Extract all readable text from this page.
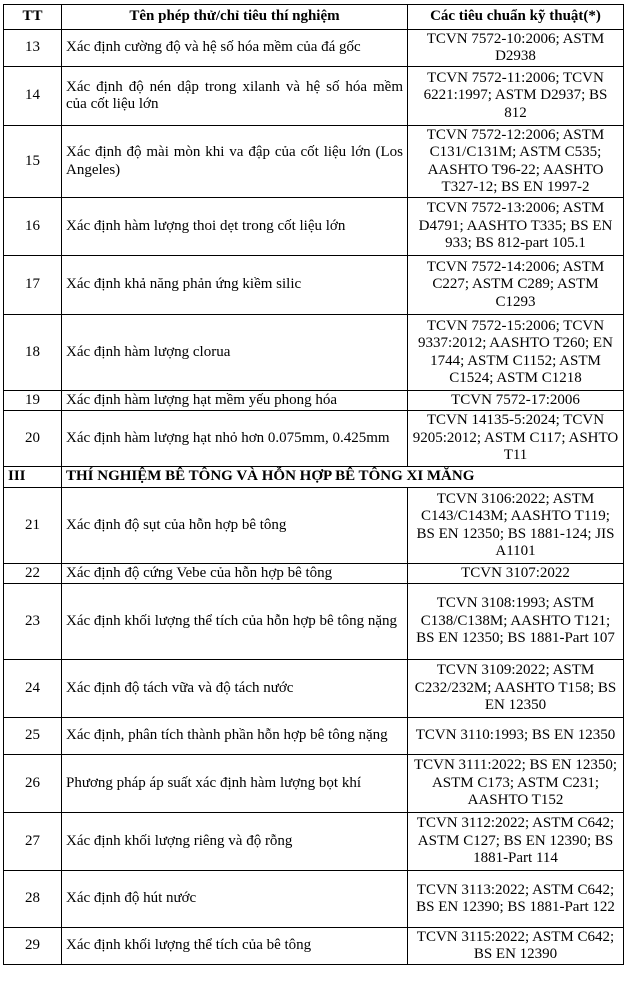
TT	Tên phép thử/chỉ tiêu thí nghiệm	Các tiêu chuẩn kỹ thuật(*)
13	Xác định cường độ và hệ số hóa mềm của đá gốc	TCVN 7572-10:2006; ASTM D2938
14	Xác định độ nén dập trong xilanh và hệ số hóa mềm của cốt liệu lớn	TCVN 7572-11:2006; TCVN 6221:1997; ASTM D2937; BS 812
15	Xác định độ mài mòn khi va đập của cốt liệu lớn (Los Angeles)	TCVN 7572-12:2006; ASTM C131/C131M; ASTM C535; AASHTO T96-22; AASHTO T327-12; BS EN 1997-2
16	Xác định hàm lượng thoi dẹt trong cốt liệu lớn	TCVN 7572-13:2006; ASTM D4791; AASHTO T335; BS EN 933; BS 812-part 105.1
17	Xác định khả năng phản ứng kiềm silic	TCVN 7572-14:2006; ASTM C227; ASTM C289; ASTM C1293
18	Xác định hàm lượng clorua	TCVN 7572-15:2006; TCVN 9337:2012; AASHTO T260; EN 1744; ASTM C1152; ASTM C1524; ASTM C1218
19	Xác định hàm lượng hạt mềm yếu phong hóa	TCVN 7572-17:2006
20	Xác định hàm lượng hạt nhỏ hơn 0.075mm, 0.425mm	TCVN 14135-5:2024; TCVN 9205:2012; ASTM C117; ASHTO T11
III	THÍ NGHIỆM BÊ TÔNG VÀ HỖN HỢP BÊ TÔNG XI MĂNG	
21	Xác định độ sụt của hỗn hợp bê tông	TCVN 3106:2022; ASTM C143/C143M; AASHTO T119; BS EN 12350; BS 1881-124; JIS A1101
22	Xác định độ cứng Vebe của hỗn hợp bê tông	TCVN 3107:2022
23	Xác định khối lượng thể tích của hỗn hợp bê tông nặng	TCVN 3108:1993; ASTM C138/C138M; AASHTO T121; BS EN 12350; BS 1881-Part 107
24	Xác định độ tách vữa và độ tách nước	TCVN 3109:2022; ASTM C232/232M; AASHTO T158; BS EN 12350
25	Xác định, phân tích thành phần hỗn hợp bê tông nặng	TCVN 3110:1993; BS EN 12350
26	Phương pháp áp suất xác định hàm lượng bọt khí	TCVN 3111:2022; BS EN 12350; ASTM C173; ASTM C231; AASHTO T152
27	Xác định khối lượng riêng và độ rỗng	TCVN 3112:2022; ASTM C642; ASTM C127; BS EN 12390; BS 1881-Part 114
28	Xác định độ hút nước	TCVN 3113:2022; ASTM C642; BS EN 12390; BS 1881-Part 122
29	Xác định khối lượng thể tích của bê tông	TCVN 3115:2022; ASTM C642; BS EN 12390
